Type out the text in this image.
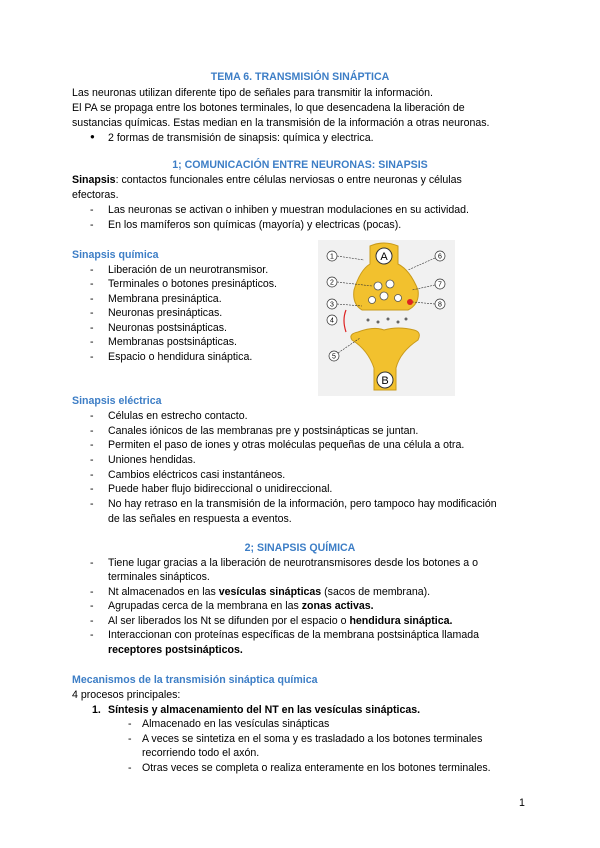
TEMA 6. TRANSMISIÓN SINÁPTICA
Las neuronas utilizan diferente tipo de señales para transmitir la información.
El PA se propaga entre los botones terminales, lo que desencadena la liberación de
sustancias químicas. Estas median en la transmisión de la información a otras neuronas.
● 2 formas de transmisión de sinapsis: química y electrica.
1; COMUNICACIÓN ENTRE NEURONAS: SINAPSIS
Sinapsis: contactos funcionales entre células nerviosas o entre neuronas y células
efectoras.
-	Las neuronas se activan o inhiben y muestran modulaciones en su actividad.
-	En los mamíferos son químicas (mayoría) y electricas (pocas).
Sinapsis química
-	Liberación de un neurotransmisor.
-	Terminales o botones presinápticos.
-	Membrana presináptica.
-	Neuronas presinápticas.
-	Neuronas postsinápticas.
-	Membranas postsinápticas.
-	Espacio o hendidura sináptica.
A
B
1
2
3
4
5
6
7
8
Sinapsis eléctrica
-	Células en estrecho contacto.
-	Canales iónicos de las membranas pre y postsinápticas se juntan.
-	Permiten el paso de iones y otras moléculas pequeñas de una célula a otra.
-	Uniones hendidas.
-	Cambios eléctricos casi instantáneos.
-	Puede haber flujo bidireccional o unidireccional.
-	No hay retraso en la transmisión de la información, pero tampoco hay modificación
de las señales en respuesta a eventos.
2; SINAPSIS QUÍMICA
-	Tiene lugar gracias a la liberación de neurotransmisores desde los botones a o
terminales sinápticos.
-	Nt almacenados en las vesículas sinápticas (sacos de membrana).
-	Agrupadas cerca de la membrana en las zonas activas.
-	Al ser liberados los Nt se difunden por el espacio o hendidura sináptica.
-	Interaccionan con proteínas específicas de la membrana postsináptica llamada
receptores postsinápticos.
Mecanismos de la transmisión sináptica química
4 procesos principales:
1. Síntesis y almacenamiento del NT en las vesículas sinápticas.
- Almacenado en las vesículas sinápticas
- A veces se sintetiza en el soma y es trasladado a los botones terminales
recorriendo todo el axón.
- Otras veces se completa o realiza enteramente en los botones terminales.
1
